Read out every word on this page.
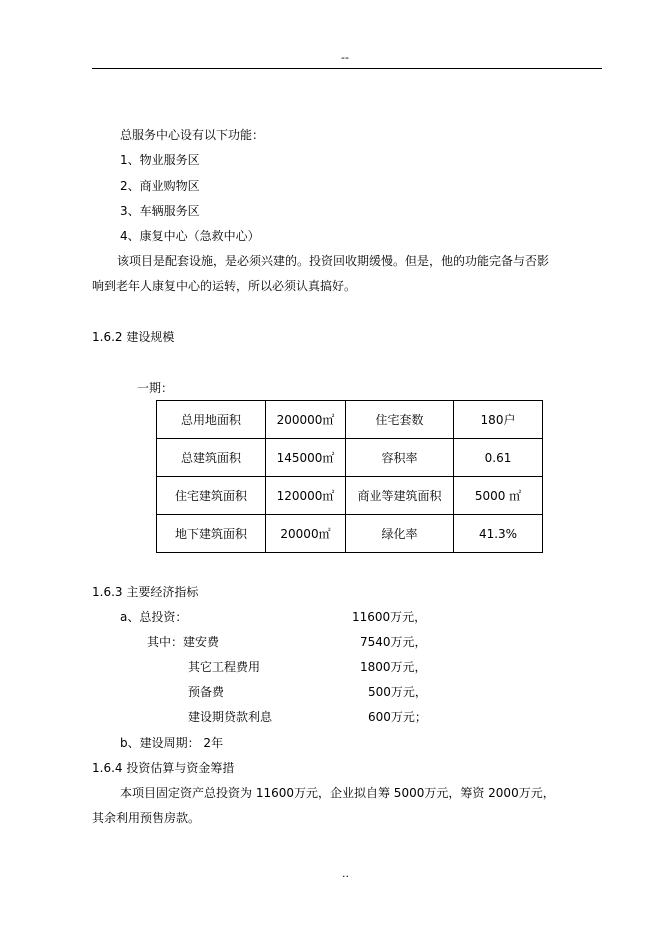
--
总服务中心设有以下功能：
1、物业服务区
2、商业购物区
3、车辆服务区
4、康复中心（急救中心）
该项目是配套设施，是必须兴建的。投资回收期缓慢。但是，他的功能完备与否影
响到老年人康复中心的运转，所以必须认真搞好。
1.6.2 建设规模
一期：
总用地面积	200000㎡	住宅套数	180户
总建筑面积	145000㎡	容积率	0.61
住宅建筑面积	120000㎡	商业等建筑面积	5000 ㎡
地下建筑面积	20000㎡	绿化率	41.3%
1.6.3 主要经济指标
a、总投资：	11600万元，
其中：建安费	7540万元，
其它工程费用	1800万元，
预备费	500万元，
建设期贷款利息	600万元；
b、建设周期： 2年
1.6.4 投资估算与资金筹措
本项目固定资产总投资为 11600万元，企业拟自筹 5000万元，筹资 2000万元，
其余利用预售房款。
..
